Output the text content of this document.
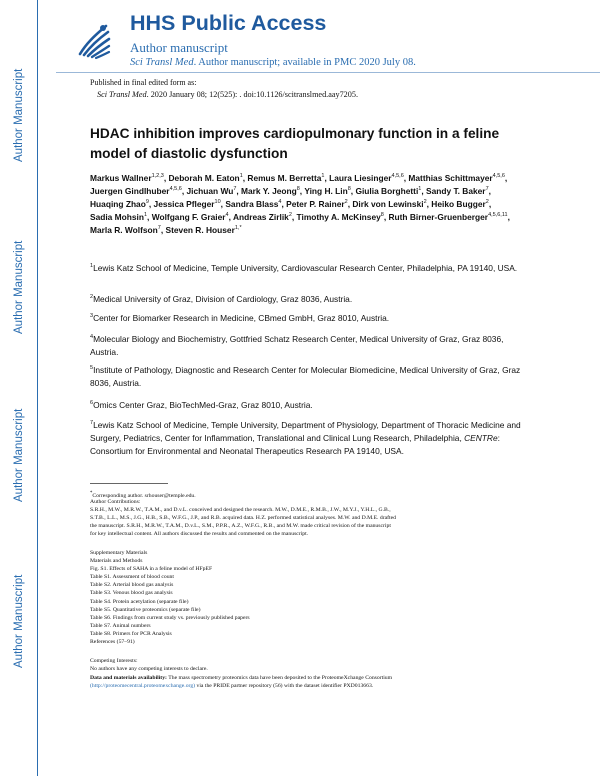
Author Manuscript
Author Manuscript
Author Manuscript
Author Manuscript
HHS Public Access
Author manuscript
Sci Transl Med. Author manuscript; available in PMC 2020 July 08.
Published in final edited form as:
Sci Transl Med. 2020 January 08; 12(525): . doi:10.1126/scitranslmed.aay7205.
HDAC inhibition improves cardiopulmonary function in a feline model of diastolic dysfunction
Markus Wallner$^{1,2,3}$, Deborah M. Eaton$^1$, Remus M. Berretta$^1$, Laura Liesinger$^{4,5,6}$, Matthias Schittmayer$^{4,5,6}$, Juergen Gindlhuber$^{4,5,6}$, Jichuan Wu$^7$, Mark Y. Jeong$^8$, Ying H. Lin$^8$, Giulia Borghetti$^1$, Sandy T. Baker$^7$, Huaqing Zhao$^9$, Jessica Pfleger$^{10}$, Sandra Blass$^4$, Peter P. Rainer$^2$, Dirk von Lewinski$^2$, Heiko Bugger$^2$, Sadia Mohsin$^1$, Wolfgang F. Graier$^4$, Andreas Zirlik$^2$, Timothy A. McKinsey$^8$, Ruth Birner-Gruenberger$^{4,5,6,11}$, Marla R. Wolfson$^7$, Steven R. Houser$^{1,*}$
$^1$Lewis Katz School of Medicine, Temple University, Cardiovascular Research Center, Philadelphia, PA 19140, USA.
$^2$Medical University of Graz, Division of Cardiology, Graz 8036, Austria.
$^3$Center for Biomarker Research in Medicine, CBmed GmbH, Graz 8010, Austria.
$^4$Molecular Biology and Biochemistry, Gottfried Schatz Research Center, Medical University of Graz, Graz 8036, Austria.
$^5$Institute of Pathology, Diagnostic and Research Center for Molecular Biomedicine, Medical University of Graz, Graz 8036, Austria.
$^6$Omics Center Graz, BioTechMed-Graz, Graz 8010, Austria.
$^7$Lewis Katz School of Medicine, Temple University, Department of Physiology, Department of Thoracic Medicine and Surgery, Pediatrics, Center for Inflammation, Translational and Clinical Lung Research, Philadelphia, CENTRe: Consortium for Environmental and Neonatal Therapeutics Research PA 19140, USA.
*Corresponding author. srhouser@temple.edu.
Author Contributions:
S.R.H., M.W., M.R.W., T.A.M., and D.v.L. conceived and designed the research. M.W., D.M.E., R.M.B., J.W., M.Y.J., Y.H.L., G.B.,
S.T.B., L.L., M.S., J.G., H.B., S.B., W.F.G., J.P., and R.B. acquired data. H.Z. performed statistical analyses. M.W. and D.M.E. drafted
the manuscript. S.R.H., M.R.W., T.A.M., D.v.L., S.M., P.P.R., A.Z., W.F.G., R.B., and M.W. made critical revision of the manuscript
for key intellectual content. All authors discussed the results and commented on the manuscript.
Supplementary Materials
Materials and Methods
Fig. S1. Effects of SAHA in a feline model of HFpEF
Table S1. Assessment of blood count
Table S2. Arterial blood gas analysis
Table S3. Venous blood gas analysis
Table S4. Protein acetylation (separate file)
Table S5. Quantitative proteomics (separate file)
Table S6. Findings from current study vs. previously published papers
Table S7. Animal numbers
Table S8. Primers for PCR Analysis
References (57–91)
Competing Interests:
No authors have any competing interests to declare.
Data and materials availability: The mass spectrometry proteomics data have been deposited to the ProteomeXchange Consortium
(http://proteomecentral.proteomexchange.org) via the PRIDE partner repository (56) with the dataset identifier PXD013663.
